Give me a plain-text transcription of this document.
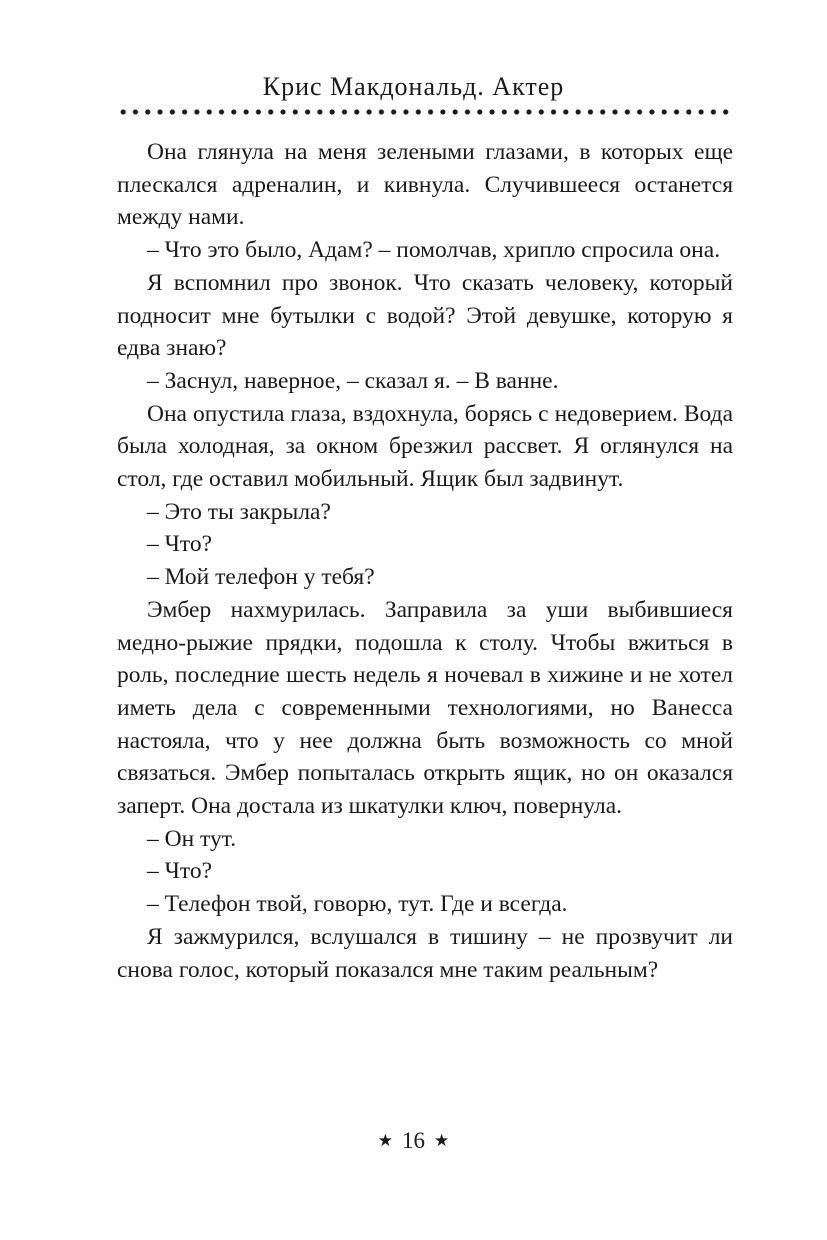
Крис Макдональд. Актер

Она глянула на меня зелеными глазами, в которых еще плескался адреналин, и кивнула. Случившееся останется между нами.

– Что это было, Адам? – помолчав, хрипло спросила она.

Я вспомнил про звонок. Что сказать человеку, который подносит мне бутылки с водой? Этой девушке, которую я едва знаю?

– Заснул, наверное, – сказал я. – В ванне.

Она опустила глаза, вздохнула, борясь с недоверием. Вода была холодная, за окном брезжил рассвет. Я оглянулся на стол, где оставил мобильный. Ящик был задвинут.

– Это ты закрыла?

– Что?

– Мой телефон у тебя?

Эмбер нахмурилась. Заправила за уши выбившиеся медно-рыжие прядки, подошла к столу. Чтобы вжиться в роль, последние шесть недель я ночевал в хижине и не хотел иметь дела с современными технологиями, но Ванесса настояла, что у нее должна быть возможность со мной связаться. Эмбер попыталась открыть ящик, но он оказался заперт. Она достала из шкатулки ключ, повернула.

– Он тут.

– Что?

– Телефон твой, говорю, тут. Где и всегда.

Я зажмурился, вслушался в тишину – не прозвучит ли снова голос, который показался мне таким реальным?

★ 16 ★
